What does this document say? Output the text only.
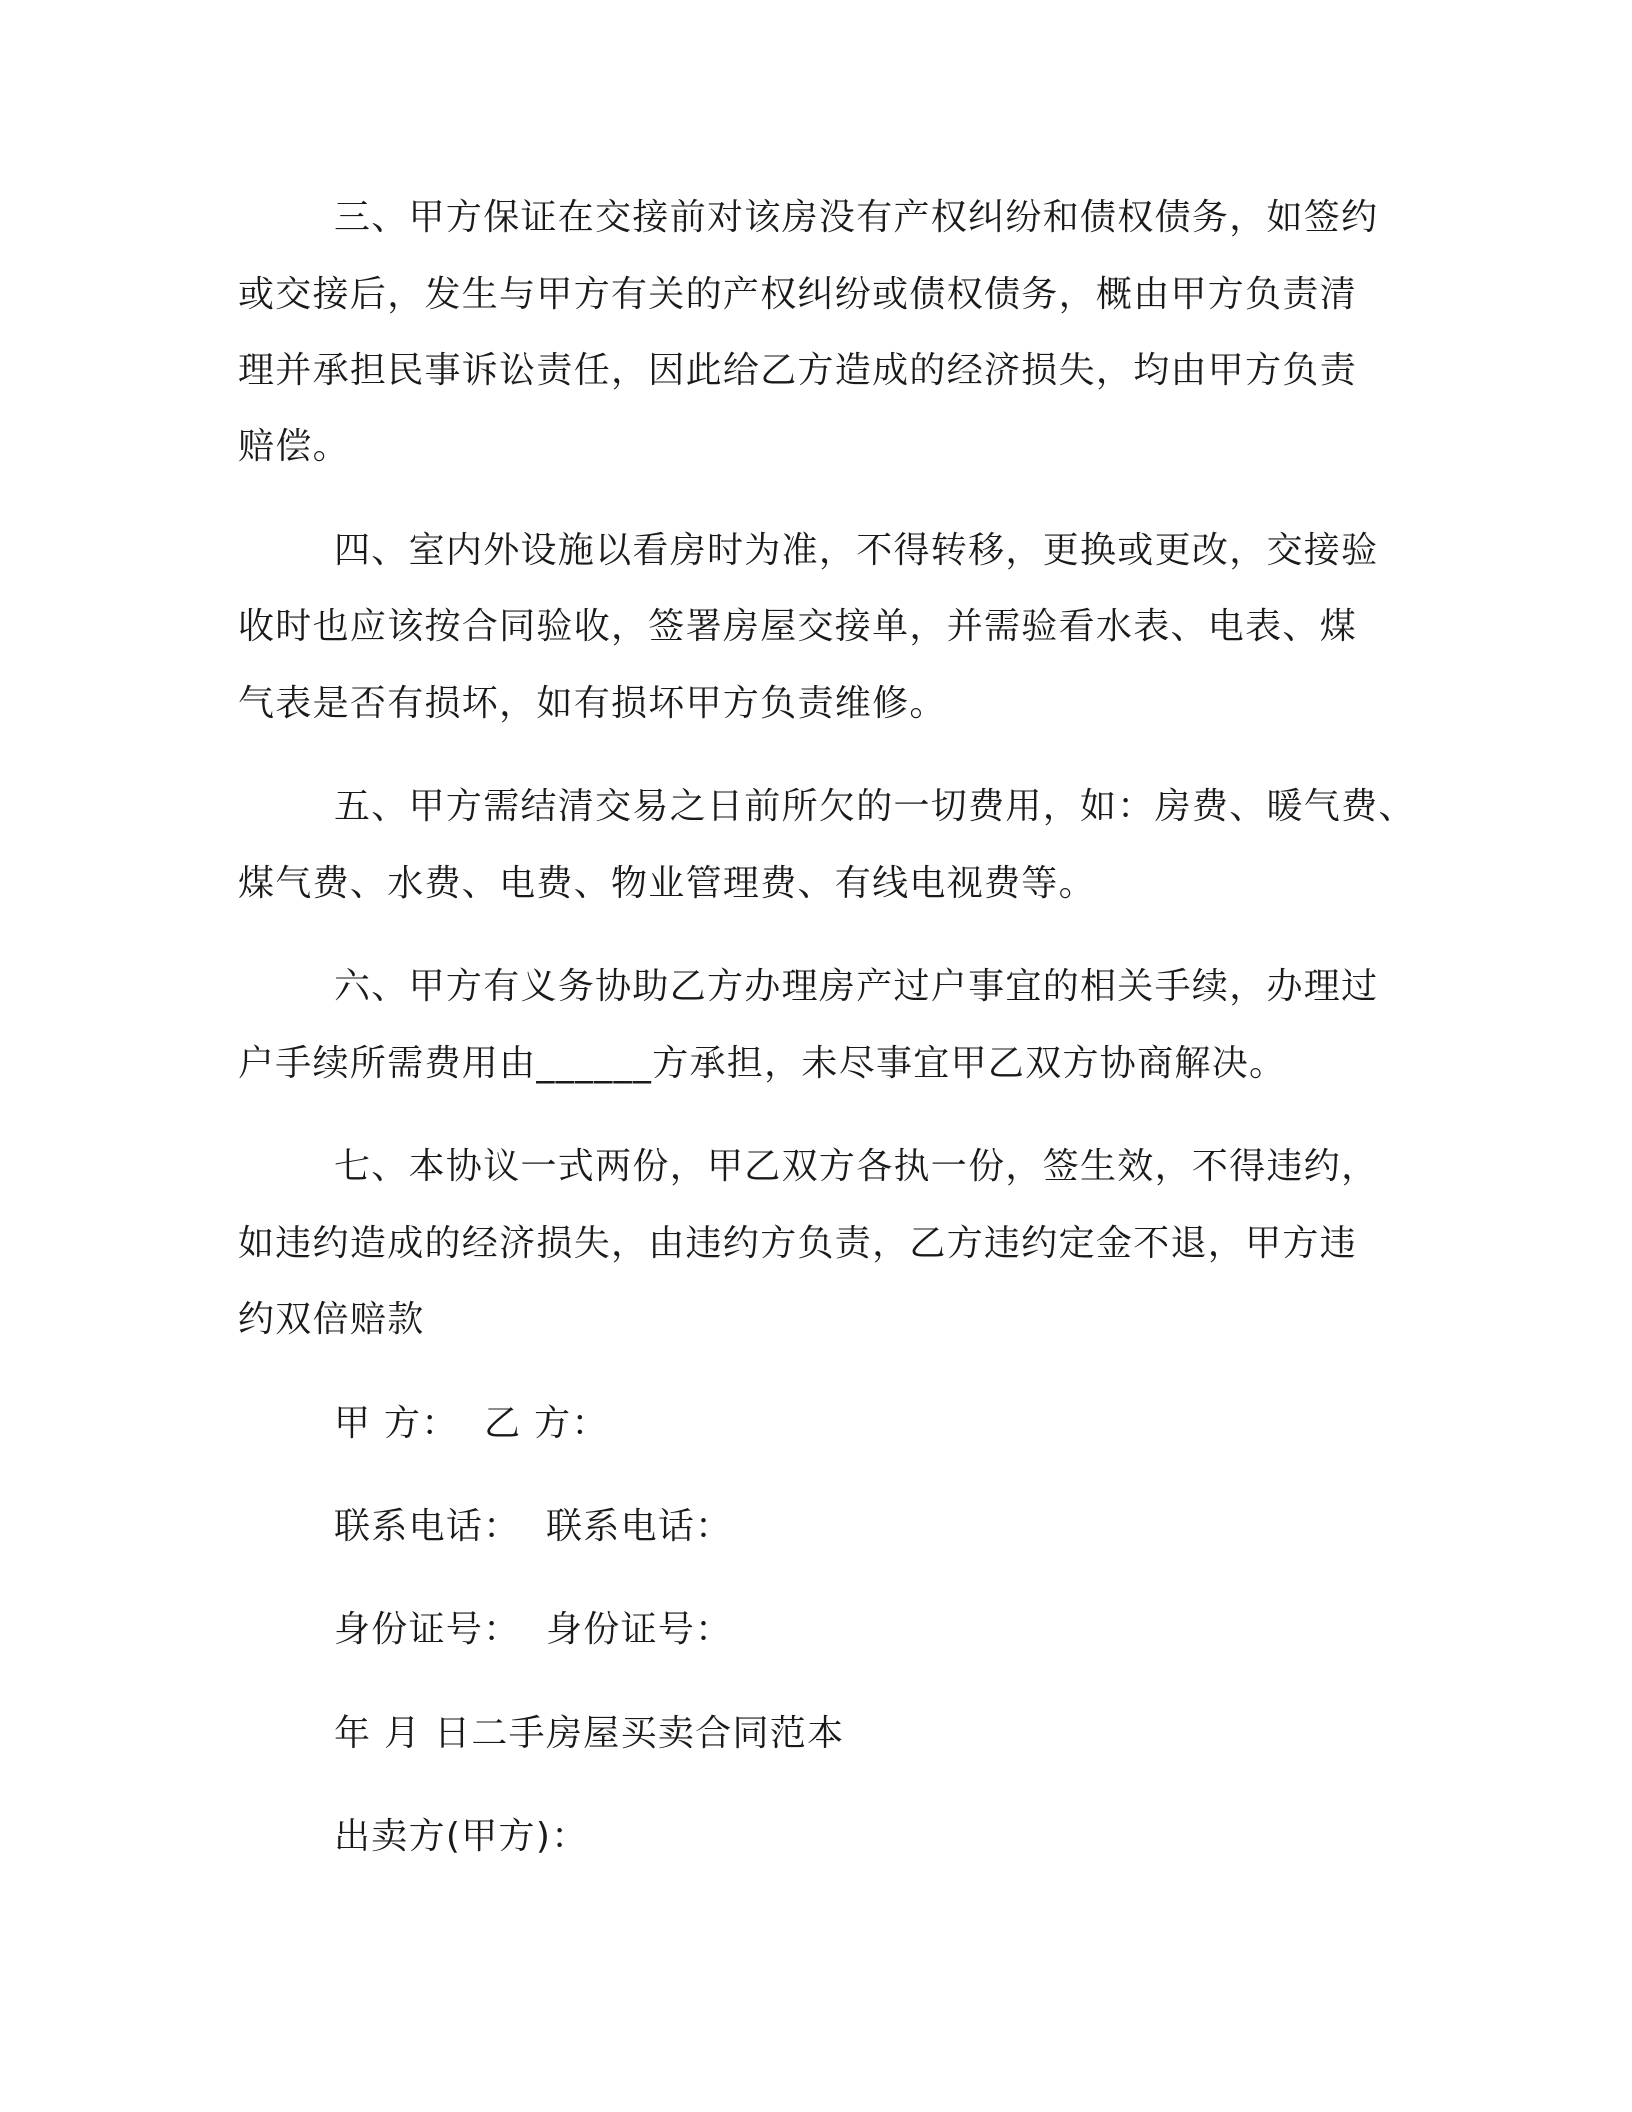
三、甲方保证在交接前对该房没有产权纠纷和债权债务，如签约
或交接后，发生与甲方有关的产权纠纷或债权债务，概由甲方负责清
理并承担民事诉讼责任，因此给乙方造成的经济损失，均由甲方负责
赔偿。
四、室内外设施以看房时为准，不得转移，更换或更改，交接验
收时也应该按合同验收，签署房屋交接单，并需验看水表、电表、煤
气表是否有损坏，如有损坏甲方负责维修。
五、甲方需结清交易之日前所欠的一切费用，如：房费、暖气费、
煤气费、水费、电费、物业管理费、有线电视费等。
六、甲方有义务协助乙方办理房产过户事宜的相关手续，办理过
户手续所需费用由______方承担，未尽事宜甲乙双方协商解决。
七、本协议一式两份，甲乙双方各执一份，签生效，不得违约，
如违约造成的经济损失，由违约方负责，乙方违约定金不退，甲方违
约双倍赔款
甲 方：  乙 方：
联系电话：  联系电话：
身份证号：  身份证号：
年 月 日二手房屋买卖合同范本
出卖方(甲方)：
